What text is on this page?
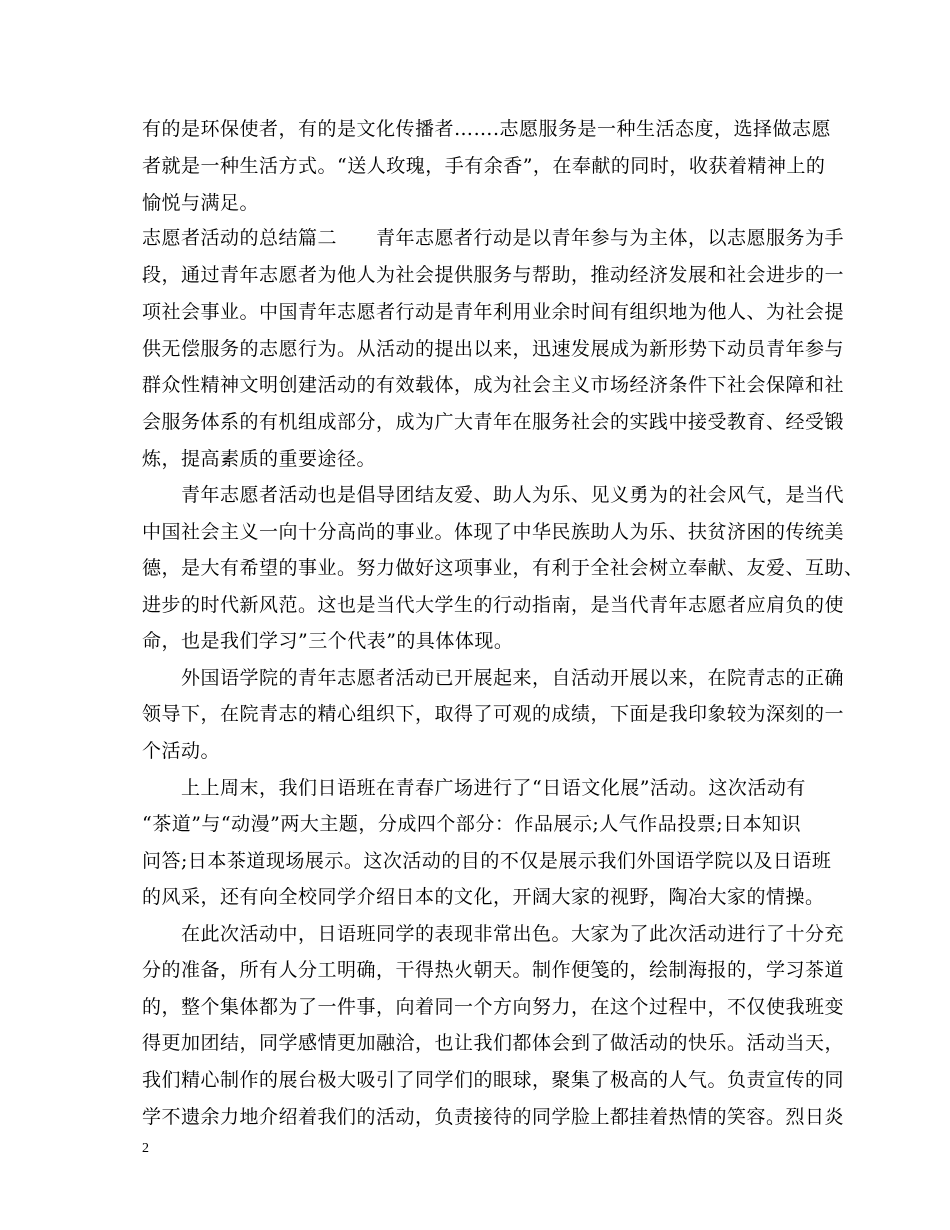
有的是环保使者，有的是文化传播者…….志愿服务是一种生活态度，选择做志愿

者就是一种生活方式。“送人玫瑰，手有余香”，在奉献的同时，收获着精神上的

愉悦与满足。

志愿者活动的总结篇二　　青年志愿者行动是以青年参与为主体，以志愿服务为手

段，通过青年志愿者为他人为社会提供服务与帮助，推动经济发展和社会进步的一

项社会事业。中国青年志愿者行动是青年利用业余时间有组织地为他人、为社会提

供无偿服务的志愿行为。从活动的提出以来，迅速发展成为新形势下动员青年参与

群众性精神文明创建活动的有效载体，成为社会主义市场经济条件下社会保障和社

会服务体系的有机组成部分，成为广大青年在服务社会的实践中接受教育、经受锻

炼，提高素质的重要途径。

　　青年志愿者活动也是倡导团结友爱、助人为乐、见义勇为的社会风气，是当代

中国社会主义一向十分高尚的事业。体现了中华民族助人为乐、扶贫济困的传统美

德，是大有希望的事业。努力做好这项事业，有利于全社会树立奉献、友爱、互助、

进步的时代新风范。这也是当代大学生的行动指南，是当代青年志愿者应肩负的使

命，也是我们学习”三个代表”的具体体现。

　　外国语学院的青年志愿者活动已开展起来，自活动开展以来，在院青志的正确

领导下，在院青志的精心组织下，取得了可观的成绩，下面是我印象较为深刻的一

个活动。

　　上上周末，我们日语班在青春广场进行了“日语文化展”活动。这次活动有

“茶道”与“动漫”两大主题，分成四个部分：作品展示;人气作品投票;日本知识

问答;日本茶道现场展示。这次活动的目的不仅是展示我们外国语学院以及日语班

的风采，还有向全校同学介绍日本的文化，开阔大家的视野，陶冶大家的情操。

　　在此次活动中，日语班同学的表现非常出色。大家为了此次活动进行了十分充

分的准备，所有人分工明确，干得热火朝天。制作便笺的，绘制海报的，学习茶道

的，整个集体都为了一件事，向着同一个方向努力，在这个过程中，不仅使我班变

得更加团结，同学感情更加融洽，也让我们都体会到了做活动的快乐。活动当天，

我们精心制作的展台极大吸引了同学们的眼球，聚集了极高的人气。负责宣传的同

学不遗余力地介绍着我们的活动，负责接待的同学脸上都挂着热情的笑容。烈日炎

2
